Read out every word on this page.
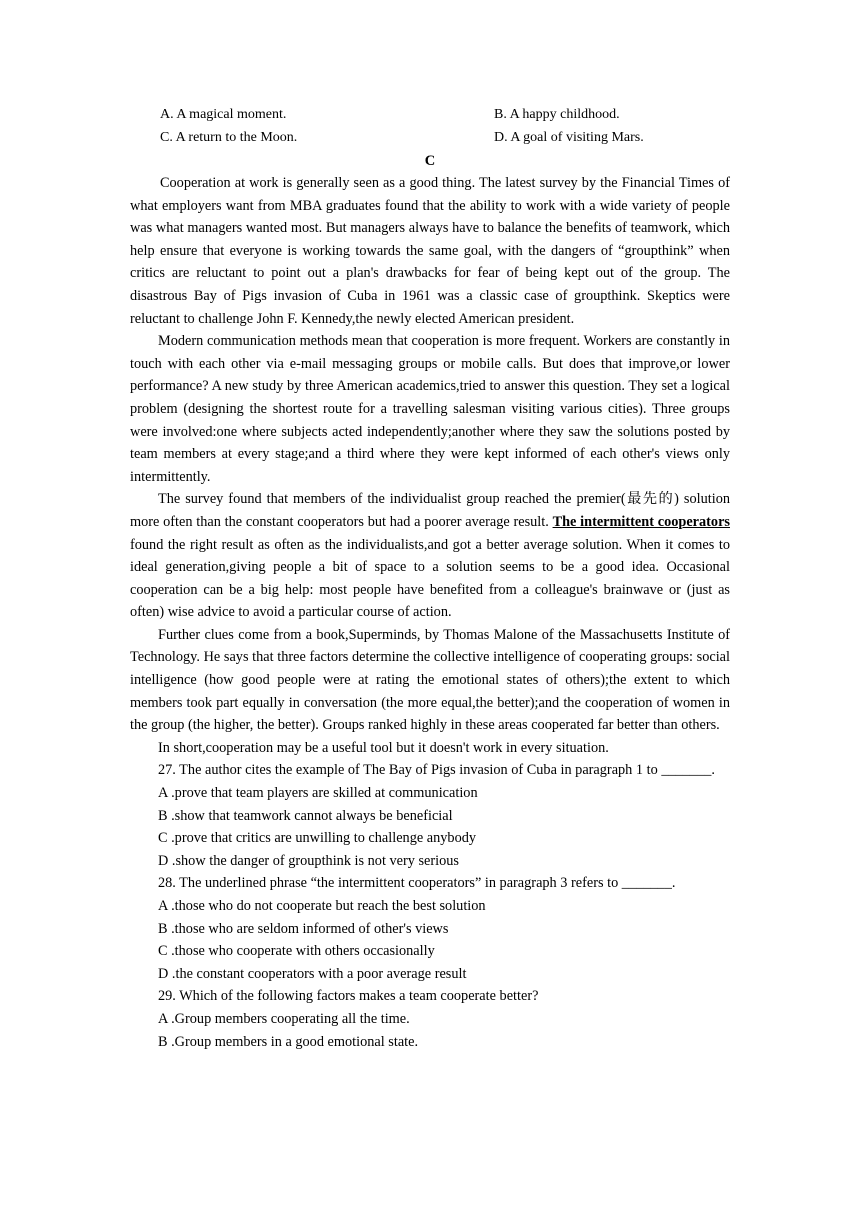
A. A magical moment.	B. A happy childhood.
C. A return to the Moon.	D. A goal of visiting Mars.
C

Cooperation at work is generally seen as a good thing. The latest survey by the Financial Times of what employers want from MBA graduates found that the ability to work with a wide variety of people was what managers wanted most. But managers always have to balance the benefits of teamwork, which help ensure that everyone is working towards the same goal, with the dangers of “groupthink” when critics are reluctant to point out a plan's drawbacks for fear of being kept out of the group. The disastrous Bay of Pigs invasion of Cuba in 1961 was a classic case of groupthink. Skeptics were reluctant to challenge John F. Kennedy,the newly elected American president.

Modern communication methods mean that cooperation is more frequent. Workers are constantly in touch with each other via e-mail messaging groups or mobile calls. But does that improve,or lower performance? A new study by three American academics,tried to answer this question. They set a logical problem (designing the shortest route for a travelling salesman visiting various cities). Three groups were involved:one where subjects acted independently;another where they saw the solutions posted by team members at every stage;and a third where they were kept informed of each other's views only intermittently.

The survey found that members of the individualist group reached the premier(最先的) solution more often than the constant cooperators but had a poorer average result. The intermittent cooperators found the right result as often as the individualists,and got a better average solution. When it comes to ideal generation,giving people a bit of space to a solution seems to be a good idea. Occasional cooperation can be a big help: most people have benefited from a colleague's brainwave or (just as often) wise advice to avoid a particular course of action.

Further clues come from a book,Superminds, by Thomas Malone of the Massachusetts Institute of Technology. He says that three factors determine the collective intelligence of cooperating groups: social intelligence (how good people were at rating the emotional states of others);the extent to which members took part equally in conversation (the more equal,the better);and the cooperation of women in the group (the higher, the better). Groups ranked highly in these areas cooperated far better than others.

In short,cooperation may be a useful tool but it doesn't work in every situation.

27. The author cites the example of The Bay of Pigs invasion of Cuba in paragraph 1 to _______.

A .prove that team players are skilled at communication

B .show that teamwork cannot always be beneficial

C .prove that critics are unwilling to challenge anybody

D .show the danger of groupthink is not very serious

28. The underlined phrase “the intermittent cooperators” in paragraph 3 refers to _______.

A .those who do not cooperate but reach the best solution

B .those who are seldom informed of other's views

C .those who cooperate with others occasionally

D .the constant cooperators with a poor average result

29. Which of the following factors makes a team cooperate better?

A .Group members cooperating all the time.

B .Group members in a good emotional state.
